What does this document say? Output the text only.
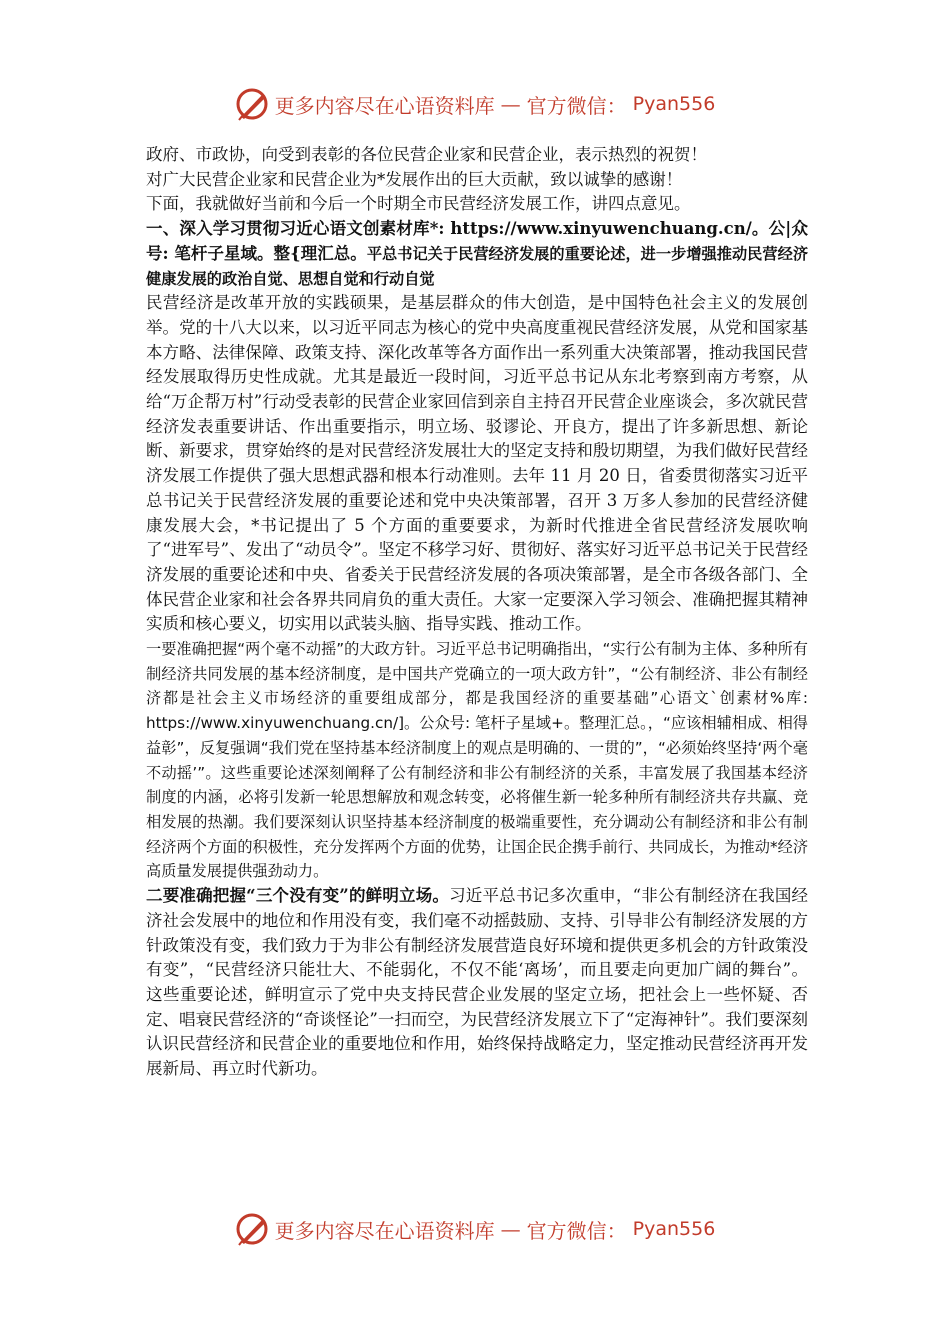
更多内容尽在心语资料库 — 官方微信： Pyan556

政府、市政协，向受到表彰的各位民营企业家和民营企业，表示热烈的祝贺！

对广大民营企业家和民营企业为*发展作出的巨大贡献，致以诚挚的感谢！

下面，我就做好当前和今后一个时期全市民营经济发展工作，讲四点意见。

一、深入学习贯彻习近心语文创素材库*: https://www.xinyuwenchuang.cn/。公|众号: 笔杆子星域。整{理汇总。平总书记关于民营经济发展的重要论述，进一步增强推动民营经济健康发展的政治自觉、思想自觉和行动自觉

民营经济是改革开放的实践硕果，是基层群众的伟大创造，是中国特色社会主义的发展创举。党的十八大以来，以习近平同志为核心的党中央高度重视民营经济发展，从党和国家基本方略、法律保障、政策支持、深化改革等各方面作出一系列重大决策部署，推动我国民营经发展取得历史性成就。尤其是最近一段时间，习近平总书记从东北考察到南方考察，从给“万企帮万村”行动受表彰的民营企业家回信到亲自主持召开民营企业座谈会，多次就民营经济发表重要讲话、作出重要指示，明立场、驳谬论、开良方，提出了许多新思想、新论断、新要求，贯穿始终的是对民营经济发展壮大的坚定支持和殷切期望，为我们做好民营经济发展工作提供了强大思想武器和根本行动准则。去年 11 月 20 日，省委贯彻落实习近平总书记关于民营经济发展的重要论述和党中央决策部署，召开 3 万多人参加的民营经济健康发展大会，*书记提出了 5 个方面的重要要求，为新时代推进全省民营经济发展吹响了“进军号”、发出了“动员令”。坚定不移学习好、贯彻好、落实好习近平总书记关于民营经济发展的重要论述和中央、省委关于民营经济发展的各项决策部署，是全市各级各部门、全体民营企业家和社会各界共同肩负的重大责任。大家一定要深入学习领会、准确把握其精神实质和核心要义，切实用以武装头脑、指导实践、推动工作。

一要准确把握“两个毫不动摇”的大政方针。习近平总书记明确指出，“实行公有制为主体、多种所有制经济共同发展的基本经济制度，是中国共产党确立的一项大政方针”，“公有制经济、非公有制经济都是社会主义市场经济的重要组成部分，都是我国经济的重要基础”心语文`创素材%库: https://www.xinyuwenchuang.cn/]。公众号: 笔杆子星域+。整理汇总。，“应该相辅相成、相得益彰”，反复强调“我们党在坚持基本经济制度上的观点是明确的、一贯的”，“必须始终坚持‘两个毫不动摇’”。这些重要论述深刻阐释了公有制经济和非公有制经济的关系，丰富发展了我国基本经济制度的内涵，必将引发新一轮思想解放和观念转变，必将催生新一轮多种所有制经济共存共赢、竞相发展的热潮。我们要深刻认识坚持基本经济制度的极端重要性，充分调动公有制经济和非公有制经济两个方面的积极性，充分发挥两个方面的优势，让国企民企携手前行、共同成长，为推动*经济高质量发展提供强劲动力。

二要准确把握“三个没有变”的鲜明立场。习近平总书记多次重申，“非公有制经济在我国经济社会发展中的地位和作用没有变，我们毫不动摇鼓励、支持、引导非公有制经济发展的方针政策没有变，我们致力于为非公有制经济发展营造良好环境和提供更多机会的方针政策没有变”，“民营经济只能壮大、不能弱化，不仅不能‘离场’，而且要走向更加广阔的舞台”。这些重要论述，鲜明宣示了党中央支持民营企业发展的坚定立场，把社会上一些怀疑、否定、唱衰民营经济的“奇谈怪论”一扫而空，为民营经济发展立下了“定海神针”。我们要深刻认识民营经济和民营企业的重要地位和作用，始终保持战略定力，坚定推动民营经济再开发展新局、再立时代新功。

更多内容尽在心语资料库 — 官方微信： Pyan556
